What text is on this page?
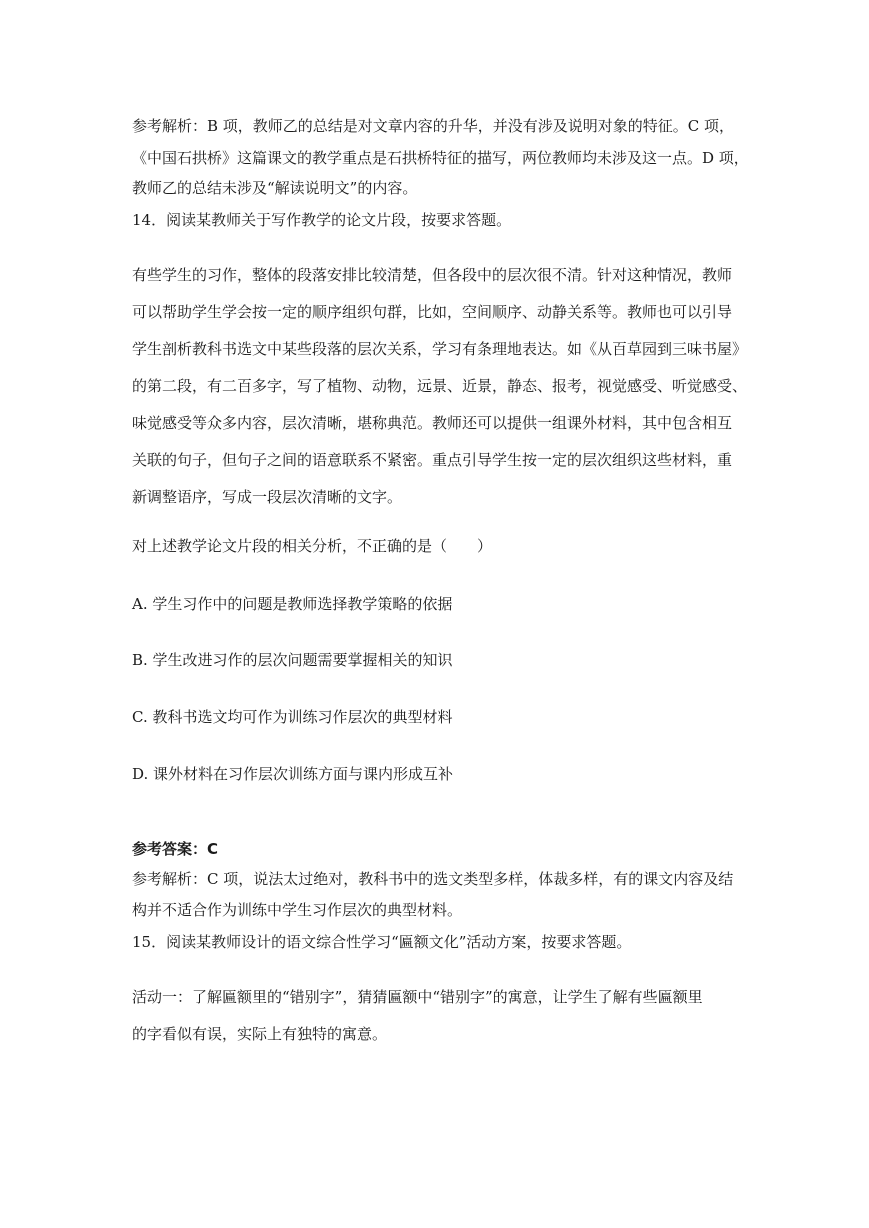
参考解析：B 项，教师乙的总结是对文章内容的升华，并没有涉及说明对象的特征。C 项，

《中国石拱桥》这篇课文的教学重点是石拱桥特征的描写，两位教师均未涉及这一点。D 项，

教师乙的总结未涉及“解读说明文”的内容。

14．阅读某教师关于写作教学的论文片段，按要求答题。

有些学生的习作，整体的段落安排比较清楚，但各段中的层次很不清。针对这种情况，教师

可以帮助学生学会按一定的顺序组织句群，比如，空间顺序、动静关系等。教师也可以引导

学生剖析教科书选文中某些段落的层次关系，学习有条理地表达。如《从百草园到三味书屋》

的第二段，有二百多字，写了植物、动物，远景、近景，静态、报考，视觉感受、听觉感受、

味觉感受等众多内容，层次清晰，堪称典范。教师还可以提供一组课外材料，其中包含相互

关联的句子，但句子之间的语意联系不紧密。重点引导学生按一定的层次组织这些材料，重

新调整语序，写成一段层次清晰的文字。

对上述教学论文片段的相关分析，不正确的是（　　）

A. 学生习作中的问题是教师选择教学策略的依据

B. 学生改进习作的层次问题需要掌握相关的知识

C. 教科书选文均可作为训练习作层次的典型材料

D. 课外材料在习作层次训练方面与课内形成互补

参考答案：C

参考解析：C 项，说法太过绝对，教科书中的选文类型多样，体裁多样，有的课文内容及结

构并不适合作为训练中学生习作层次的典型材料。

15．阅读某教师设计的语文综合性学习“匾额文化”活动方案，按要求答题。

活动一：了解匾额里的“错别字”，猜猜匾额中“错别字”的寓意，让学生了解有些匾额里

的字看似有误，实际上有独特的寓意。
